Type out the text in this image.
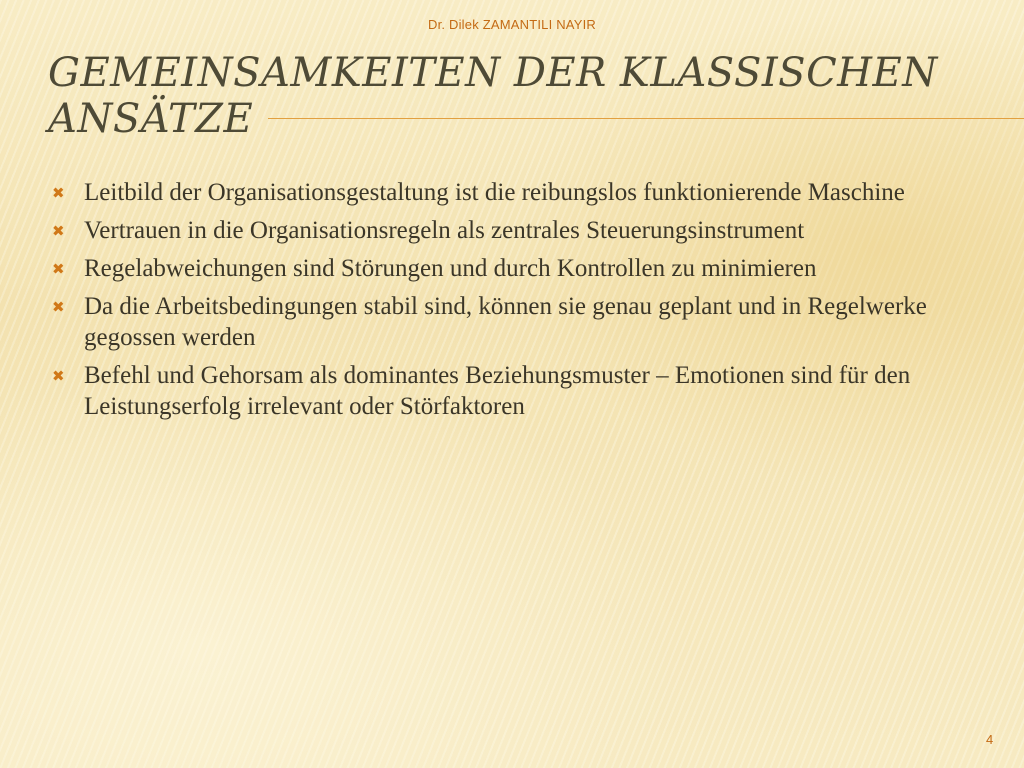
Dr. Dilek ZAMANTILI NAYIR
GEMEINSAMKEITEN DER KLASSISCHEN ANSÄTZE
✖ Leitbild der Organisationsgestaltung ist die reibungslos funktionierende Maschine
✖ Vertrauen in die Organisationsregeln als zentrales Steuerungsinstrument
✖ Regelabweichungen sind Störungen und durch Kontrollen zu minimieren
✖ Da die Arbeitsbedingungen stabil sind, können sie genau geplant und in Regelwerke gegossen werden
✖ Befehl und Gehorsam als dominantes Beziehungsmuster – Emotionen sind für den Leistungserfolg irrelevant oder Störfaktoren
4
